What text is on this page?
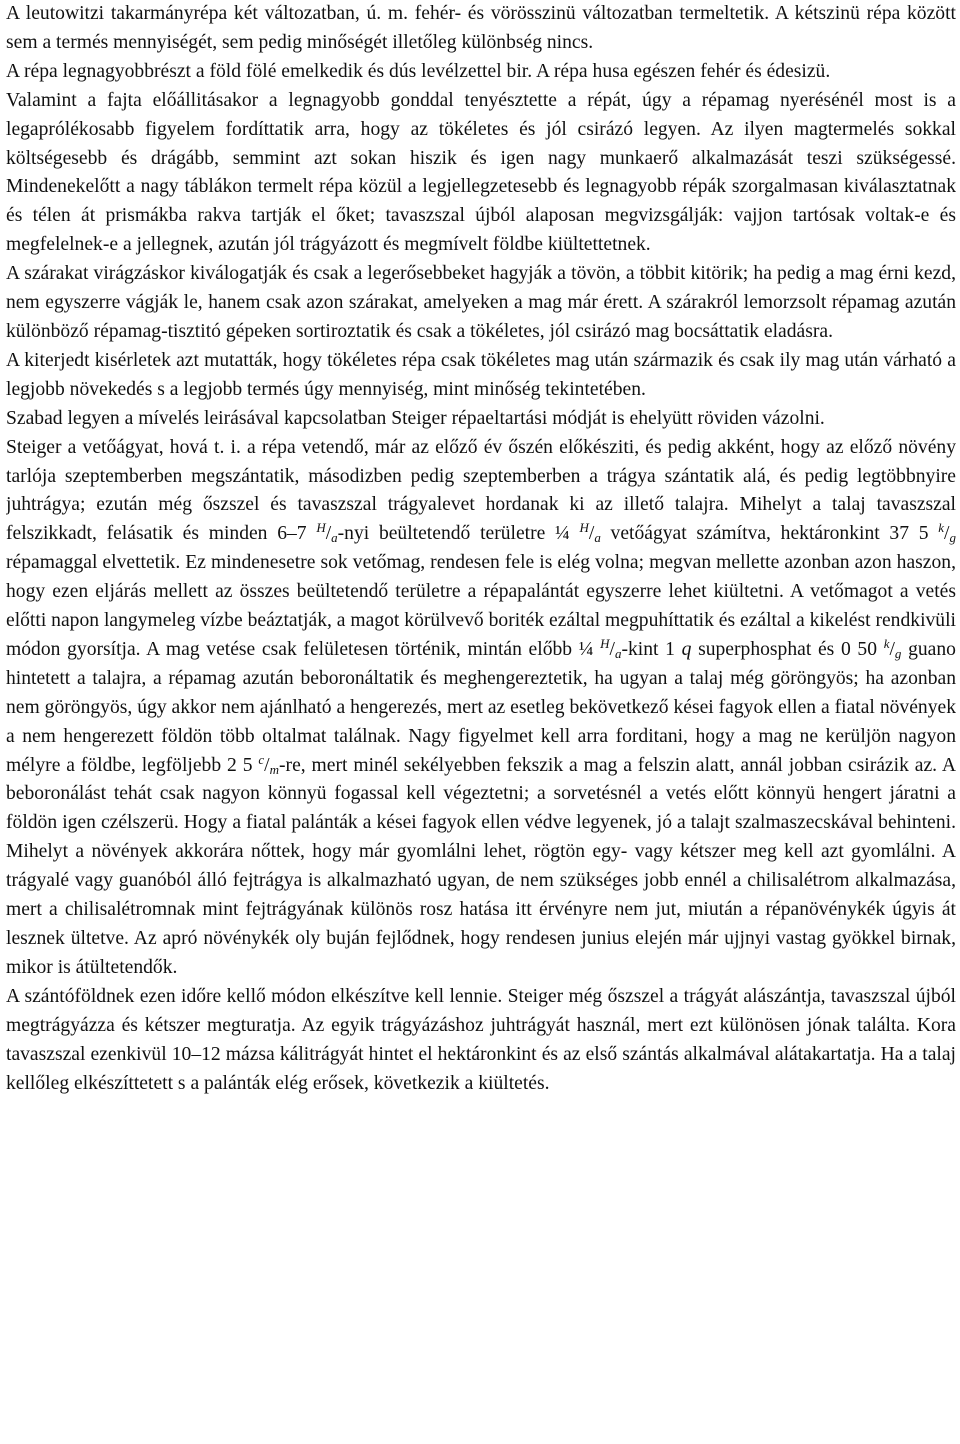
A leutowitzi takarmányrépa két változatban, ú. m. fehér- és vörösszinü változatban termeltetik. A kétszinü répa között sem a termés mennyiségét, sem pedig minőségét illetőleg különbség nincs.

A répa legnagyobbrészt a föld fölé emelkedik és dús levélzettel bir. A répa husa egészen fehér és édesizü.

Valamint a fajta előállitásakor a legnagyobb gonddal tenyésztette a répát, úgy a répamag nyerésénél most is a legaprólékosabb figyelem fordíttatik arra, hogy az tökéletes és jól csirázó legyen. Az ilyen magtermelés sokkal költségesebb és drágább, semmint azt sokan hiszik és igen nagy munkaerő alkalmazását teszi szükségessé. Mindenekelőtt a nagy táblákon termelt répa közül a legjellegzetesebb és legnagyobb répák szorgalmasan kiválasztatnak és télen át prismákba rakva tartják el őket; tavaszszal újból alaposan megvizsgálják: vajjon tartósak voltak-e és megfelelnek-e a jellegnek, azután jól trágyázott és megmívelt földbe kiültettetnek.

A szárakat virágzáskor kiválogatják és csak a legerősebbeket hagyják a tövön, a többit kitörik; ha pedig a mag érni kezd, nem egyszerre vágják le, hanem csak azon szárakat, amelyeken a mag már érett. A szárakról lemorzsolt répamag azután különböző répamag-tisztitó gépeken sortiroztatik és csak a tökéletes, jól csirázó mag bocsáttatik eladásra.

A kiterjedt kisérletek azt mutatták, hogy tökéletes répa csak tökéletes mag után származik és csak ily mag után várható a legjobb növekedés s a legjobb termés úgy mennyiség, mint minőség tekintetében.

Szabad legyen a mívelés leirásával kapcsolatban Steiger répaeltartási módját is ehelyütt röviden vázolni.

Steiger a vetőágyat, hová t. i. a répa vetendő, már az előző év őszén előkésziti, és pedig akként, hogy az előző növény tarlója szeptemberben megszántatik, másodizben pedig szeptemberben a trágya szántatik alá, és pedig legtöbbnyire juhtrágya; ezután még őszszel és tavaszszal trágyalevet hordanak ki az illető talajra. Mihelyt a talaj tavaszszal felszikkadt, felásatik és minden 6–7 $^H/_a$-nyi beültetendő területre ¼ $^H/_a$ vetőágyat számítva, hektáronkint 37 5 $^k/_g$ répamaggal elvettetik. Ez mindenesetre sok vetőmag, rendesen fele is elég volna; megvan mellette azonban azon haszon, hogy ezen eljárás mellett az összes beültetendő területre a répapalántát egyszerre lehet kiültetni. A vetőmagot a vetés előtti napon langymeleg vízbe beáztatják, a magot körülvevő boriték ezáltal megpuhíttatik és ezáltal a kikelést rendkivüli módon gyorsítja. A mag vetése csak felületesen történik, mintán előbb ¼ $^H/_a$-kint 1 q superphosphat és 0 50 $^k/_g$ guano hintetett a talajra, a répamag azután beboronáltatik és meghengereztetik, ha ugyan a talaj még göröngyös; ha azonban nem göröngyös, úgy akkor nem ajánlható a hengerezés, mert az esetleg bekövetkező kései fagyok ellen a fiatal növények a nem hengerezett földön több oltalmat találnak. Nagy figyelmet kell arra forditani, hogy a mag ne kerüljön nagyon mélyre a földbe, legföljebb 2 5 $^c/_m-re$, mert minél sekélyebben fekszik a mag a felszin alatt, annál jobban csirázik az. A beboronálást tehát csak nagyon könnyü fogassal kell végeztetni; a sorvetésnél a vetés előtt könnyü hengert járatni a földön igen czélszerü. Hogy a fiatal palánták a kései fagyok ellen védve legyenek, jó a talajt szalmaszecskával behinteni. Mihelyt a növények akkorára nőttek, hogy már gyomlálni lehet, rögtön egy- vagy kétszer meg kell azt gyomlálni. A trágyalé vagy guanóból álló fejtrágya is alkalmazható ugyan, de nem szükséges jobb ennél a chilisalétrom alkalmazása, mert a chilisalétromnak mint fejtrágyának különös rosz hatása itt érvényre nem jut, miután a répanövénykék úgyis át lesznek ültetve. Az apró növénykék oly buján fejlődnek, hogy rendesen junius elején már ujjnyi vastag gyökkel birnak, mikor is átültetendők.

A szántóföldnek ezen időre kellő módon elkészítve kell lennie. Steiger még őszszel a trágyát alászántja, tavaszszal újból megtrágyázza és kétszer megturatja. Az egyik trágyázáshoz juhtrágyát használ, mert ezt különösen jónak találta. Kora tavaszszal ezenkivül 10–12 mázsa kálitrágyát hintet el hektáronkint és az első szántás alkalmával alátakartatja. Ha a talaj kellőleg elkészíttetett s a palánták elég erősek, következik a kiültetés.
